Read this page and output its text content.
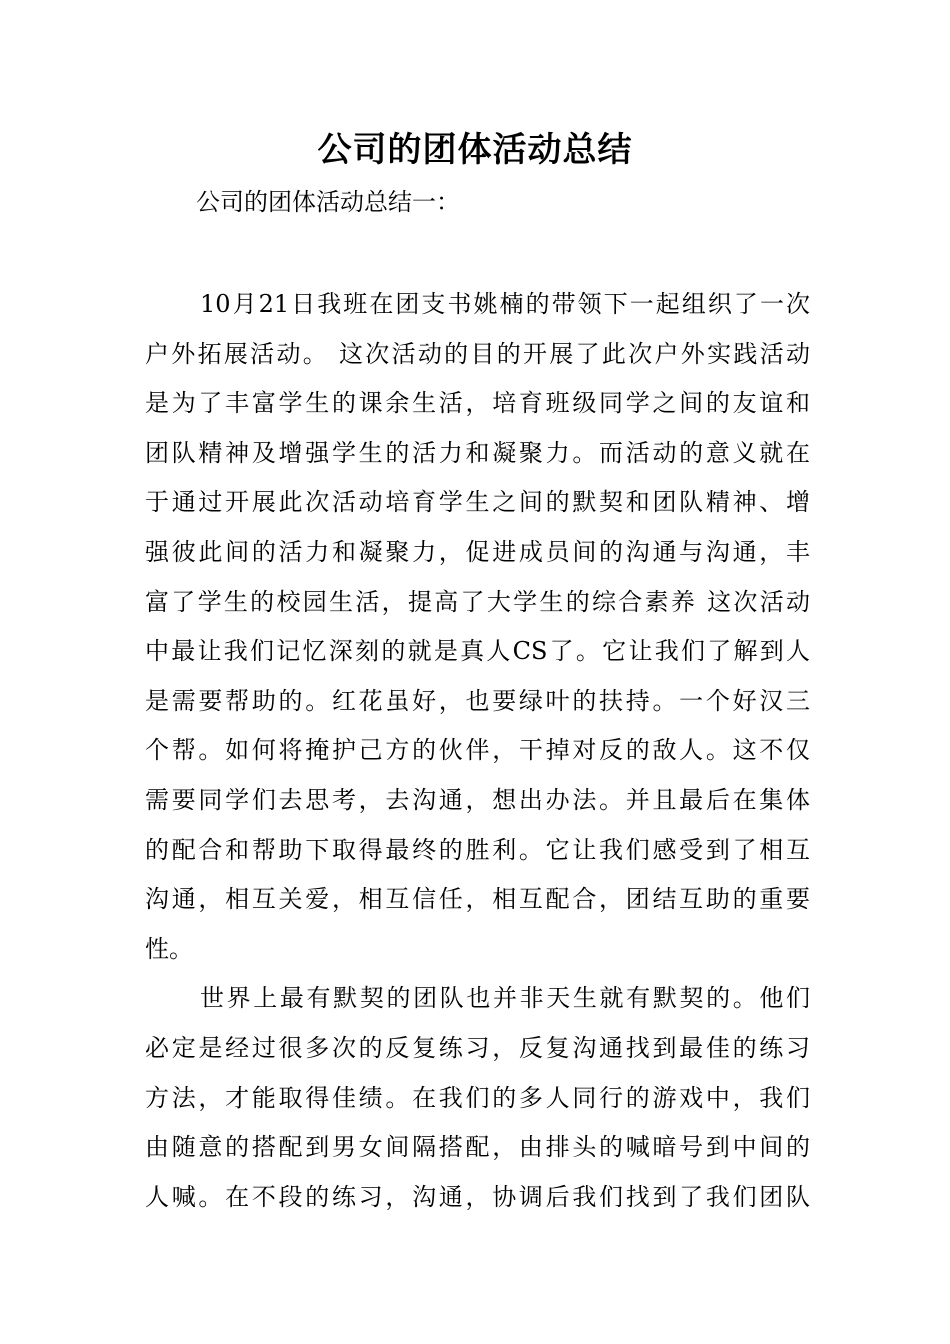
公司的团体活动总结
公司的团体活动总结一：
10月21日我班在团支书姚楠的带领下一起组织了一次
户外拓展活动。 这次活动的目的开展了此次户外实践活动
是为了丰富学生的课余生活，培育班级同学之间的友谊和
团队精神及增强学生的活力和凝聚力。而活动的意义就在
于通过开展此次活动培育学生之间的默契和团队精神、增
强彼此间的活力和凝聚力，促进成员间的沟通与沟通，丰
富了学生的校园生活，提高了大学生的综合素养 这次活动
中最让我们记忆深刻的就是真人CS了。它让我们了解到人
是需要帮助的。红花虽好，也要绿叶的扶持。一个好汉三
个帮。如何将掩护己方的伙伴，干掉对反的敌人。这不仅
需要同学们去思考，去沟通，想出办法。并且最后在集体
的配合和帮助下取得最终的胜利。它让我们感受到了相互
沟通，相互关爱，相互信任，相互配合，团结互助的重要
性。
世界上最有默契的团队也并非天生就有默契的。他们
必定是经过很多次的反复练习，反复沟通找到最佳的练习
方法，才能取得佳绩。在我们的多人同行的游戏中，我们
由随意的搭配到男女间隔搭配，由排头的喊暗号到中间的
人喊。在不段的练习，沟通，协调后我们找到了我们团队
